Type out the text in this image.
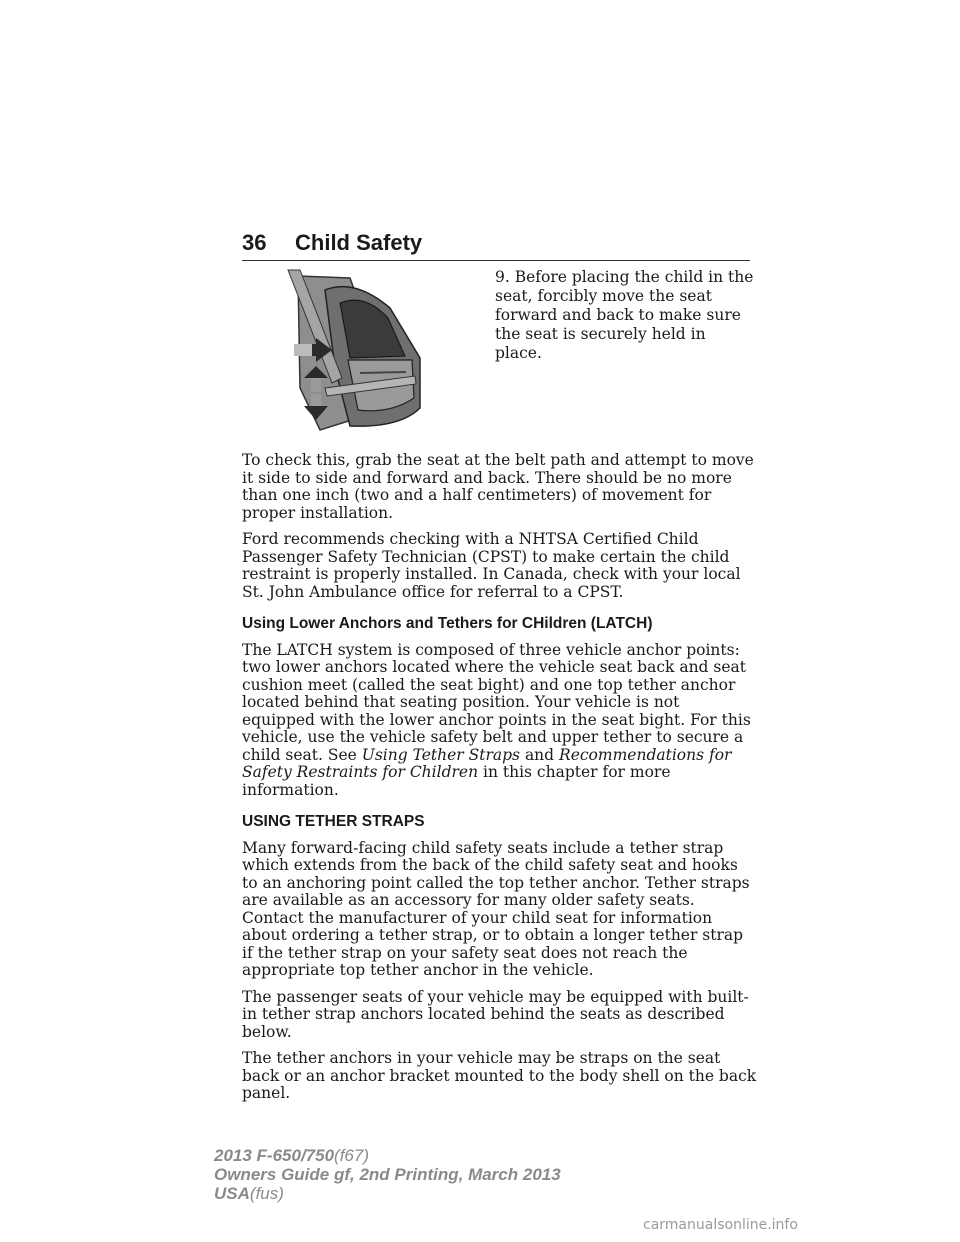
36 Child Safety
9. Before placing the child in the seat, forcibly move the seat forward and back to make sure the seat is securely held in place.

To check this, grab the seat at the belt path and attempt to move it side to side and forward and back. There should be no more than one inch (two and a half centimeters) of movement for proper installation.

Ford recommends checking with a NHTSA Certified Child Passenger Safety Technician (CPST) to make certain the child restraint is properly installed. In Canada, check with your local St. John Ambulance office for referral to a CPST.

Using Lower Anchors and Tethers for CHildren (LATCH)

The LATCH system is composed of three vehicle anchor points: two lower anchors located where the vehicle seat back and seat cushion meet (called the seat bight) and one top tether anchor located behind that seating position. Your vehicle is not equipped with the lower anchor points in the seat bight. For this vehicle, use the vehicle safety belt and upper tether to secure a child seat. See Using Tether Straps and Recommendations for Safety Restraints for Children in this chapter for more information.

USING TETHER STRAPS

Many forward-facing child safety seats include a tether strap which extends from the back of the child safety seat and hooks to an anchoring point called the top tether anchor. Tether straps are available as an accessory for many older safety seats. Contact the manufacturer of your child seat for information about ordering a tether strap, or to obtain a longer tether strap if the tether strap on your safety seat does not reach the appropriate top tether anchor in the vehicle.

The passenger seats of your vehicle may be equipped with built-in tether strap anchors located behind the seats as described below.

The tether anchors in your vehicle may be straps on the seat back or an anchor bracket mounted to the body shell on the back panel.

2013 F-650/750(f67)
Owners Guide gf, 2nd Printing, March 2013
USA(fus)
carmanualsonline.info
